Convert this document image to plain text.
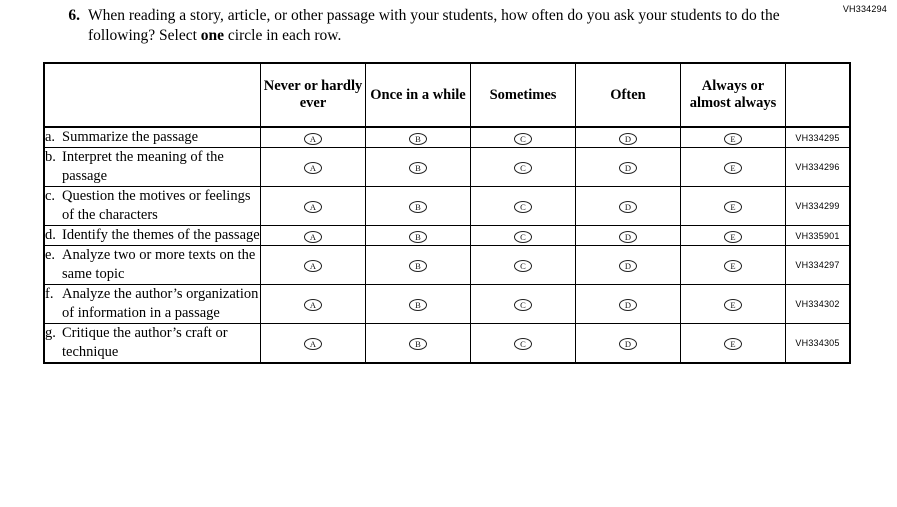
VH334294
6. When reading a story, article, or other passage with your students, how often do you ask your students to do the following? Select one circle in each row.
	Never or hardly ever	Once in a while	Sometimes	Often	Always or almost always	

a. Summarize the passage	A	B	C	D	E	VH334295

b. Interpret the meaning of the passage	A	B	C	D	E	VH334296

c. Question the motives or feelings of the characters	A	B	C	D	E	VH334299

d. Identify the themes of the passage	A	B	C	D	E	VH335901

e. Analyze two or more texts on the same topic	A	B	C	D	E	VH334297

f. Analyze the author’s organization of information in a passage	A	B	C	D	E	VH334302

g. Critique the author’s craft or technique	A	B	C	D	E	VH334305
